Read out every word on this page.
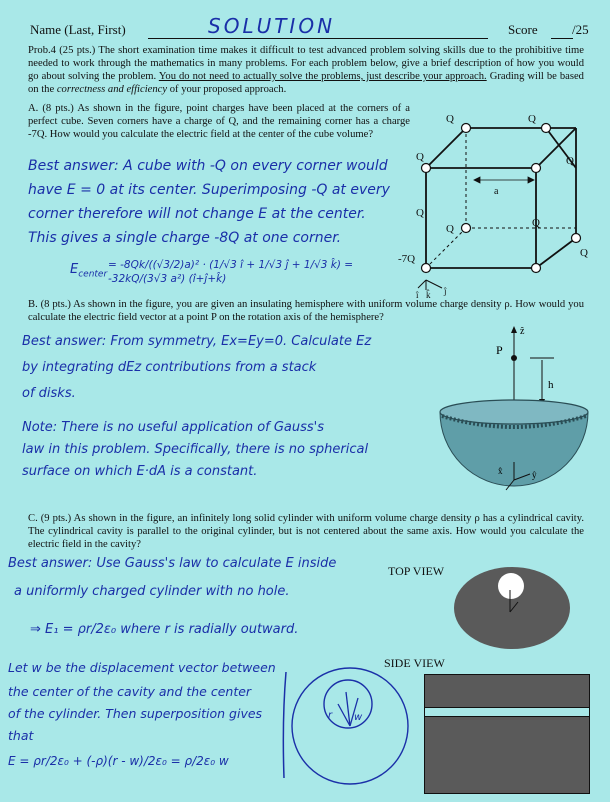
Name (Last, First)	SOLUTION	Score	/25
Prob.4 (25 pts.) The short examination time makes it difficult to test advanced problem solving skills due to the prohibitive time needed to work through the mathematics in many problems. For each problem below, give a brief description of how you would go about solving the problem. You do not need to actually solve the problems, just describe your approach. Grading will be based on the correctness and efficiency of your proposed approach.
A. (8 pts.) As shown in the figure, point charges have been placed at the corners of a perfect cube. Seven corners have a charge of Q, and the remaining corner has a charge -7Q. How would you calculate the electric field at the center of the cube volume?
Best answer: A cube with -Q on every corner would
have E = 0 at its center. Superimposing -Q at every
corner therefore will not change E at the center.
This gives a single charge -8Q at one corner.
$E_{center}$
= -8Qk/((√3/2)a)² · (1/√3 î + 1/√3 ĵ + 1/√3 k̂) = -32kQ/(3√3 a²) (î+ĵ+k̂)
Q	Q
Q
Q
Q
Q
Q
Q
-7Q
a
î k̂ ĵ
B. (8 pts.) As shown in the figure, you are given an insulating hemisphere with uniform volume charge density ρ. How would you calculate the electric field vector at a point P on the rotation axis of the hemisphere?
Best answer: From symmetry, Ex=Ey=0. Calculate Ez
by integrating dEz contributions from a stack
of disks.
Note: There is no useful application of Gauss's
law in this problem. Specifically, there is no spherical
surface on which E·dA is a constant.
ẑ
P
h
x̂	ŷ
C. (9 pts.) As shown in the figure, an infinitely long solid cylinder with uniform volume charge density ρ has a cylindrical cavity. The cylindrical cavity is parallel to the original cylinder, but is not centered about the same axis. How would you calculate the electric field in the cavity?
Best answer: Use Gauss's law to calculate E inside
a uniformly charged cylinder with no hole.
⇒ E₁ = ρr/2ε₀ where r is radially outward.
Let w be the displacement vector between
the center of the cavity and the center
of the cylinder. Then superposition gives
that
E = ρr/2ε₀ + (-ρ)(r - w)/2ε₀ = ρ/2ε₀ w
r w
TOP VIEW
SIDE VIEW
